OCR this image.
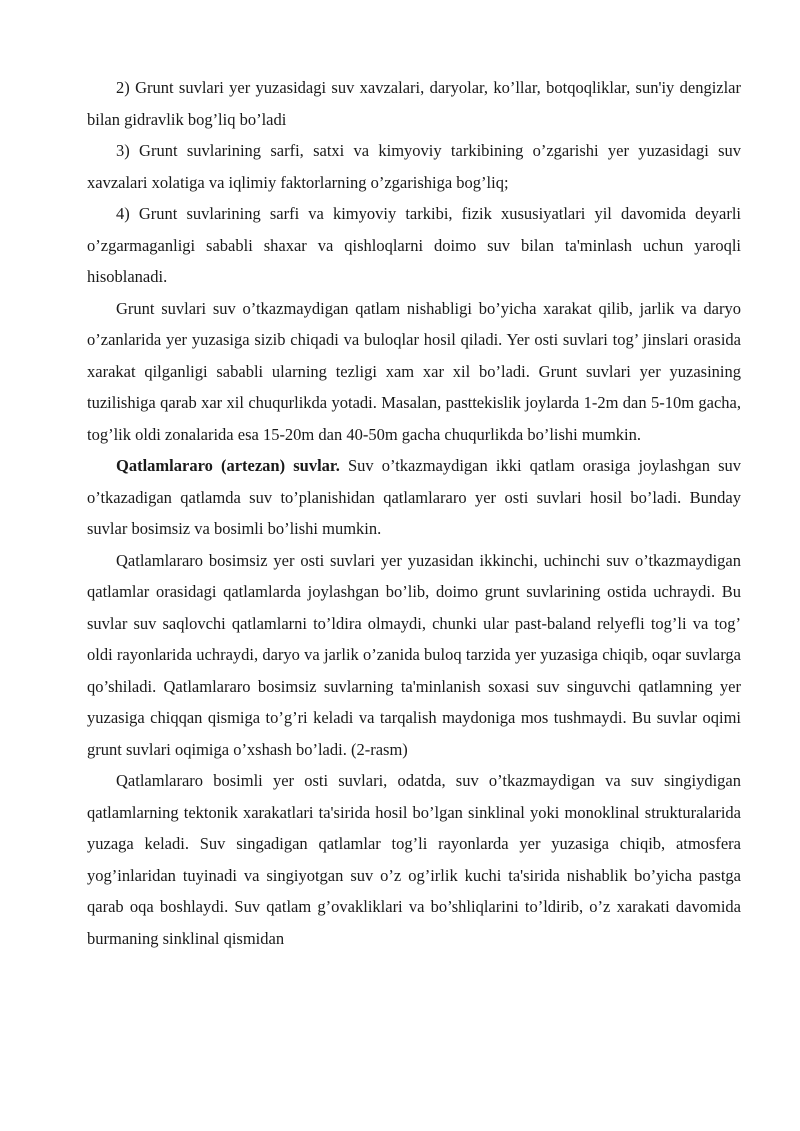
2) Grunt suvlari yer yuzasidagi suv xavzalari, daryolar, ko’llar, botqoqliklar, sun'iy dengizlar bilan gidravlik bog’liq bo’ladi

3) Grunt suvlarining sarfi, satxi va kimyoviy tarkibining o’zgarishi yer yuzasidagi suv xavzalari xolatiga va iqlimiy faktorlarning o’zgarishiga bog’liq;

4) Grunt suvlarining sarfi va kimyoviy tarkibi, fizik xususiyatlari yil davomida deyarli o’zgarmaganligi sababli shaxar va qishloqlarni doimo suv bilan ta'minlash uchun yaroqli hisoblanadi.

Grunt suvlari suv o’tkazmaydigan qatlam nishabligi bo’yicha xarakat qilib, jarlik va daryo o’zanlarida yer yuzasiga sizib chiqadi va buloqlar hosil qiladi. Yer osti suvlari tog’ jinslari orasida xarakat qilganligi sababli ularning tezligi xam xar xil bo’ladi. Grunt suvlari yer yuzasining tuzilishiga qarab xar xil chuqurlikda yotadi. Masalan, pasttekislik joylarda 1-2m dan 5-10m gacha, tog’lik oldi zonalarida esa 15-20m dan 40-50m gacha chuqurlikda bo’lishi mumkin.

Qatlamlararo (artezan) suvlar. Suv o’tkazmaydigan ikki qatlam orasiga joylashgan suv o’tkazadigan qatlamda suv to’planishidan qatlamlararo yer osti suvlari hosil bo’ladi. Bunday suvlar bosimsiz va bosimli bo’lishi mumkin.

Qatlamlararo bosimsiz yer osti suvlari yer yuzasidan ikkinchi, uchinchi suv o’tkazmaydigan qatlamlar orasidagi qatlamlarda joylashgan bo’lib, doimo grunt suvlarining ostida uchraydi. Bu suvlar suv saqlovchi qatlamlarni to’ldira olmaydi, chunki ular past-baland relyefli tog’li va tog’ oldi rayonlarida uchraydi, daryo va jarlik o’zanida buloq tarzida yer yuzasiga chiqib, oqar suvlarga qo’shiladi. Qatlamlararo bosimsiz suvlarning ta'minlanish soxasi suv singuvchi qatlamning yer yuzasiga chiqqan qismiga to’g’ri keladi va tarqalish maydoniga mos tushmaydi. Bu suvlar oqimi grunt suvlari oqimiga o’xshash bo’ladi. (2-rasm)

Qatlamlararo bosimli yer osti suvlari, odatda, suv o’tkazmaydigan va suv singiydigan qatlamlarning tektonik xarakatlari ta'sirida hosil bo’lgan sinklinal yoki monoklinal strukturalarida yuzaga keladi. Suv singadigan qatlamlar tog’li rayonlarda yer yuzasiga chiqib, atmosfera yog’inlaridan tuyinadi va singiyotgan suv o’z og’irlik kuchi ta'sirida nishablik bo’yicha pastga qarab oqa boshlaydi. Suv qatlam g’ovakliklari va bo’shliqlarini to’ldirib, o’z xarakati davomida burmaning sinklinal qismidan
